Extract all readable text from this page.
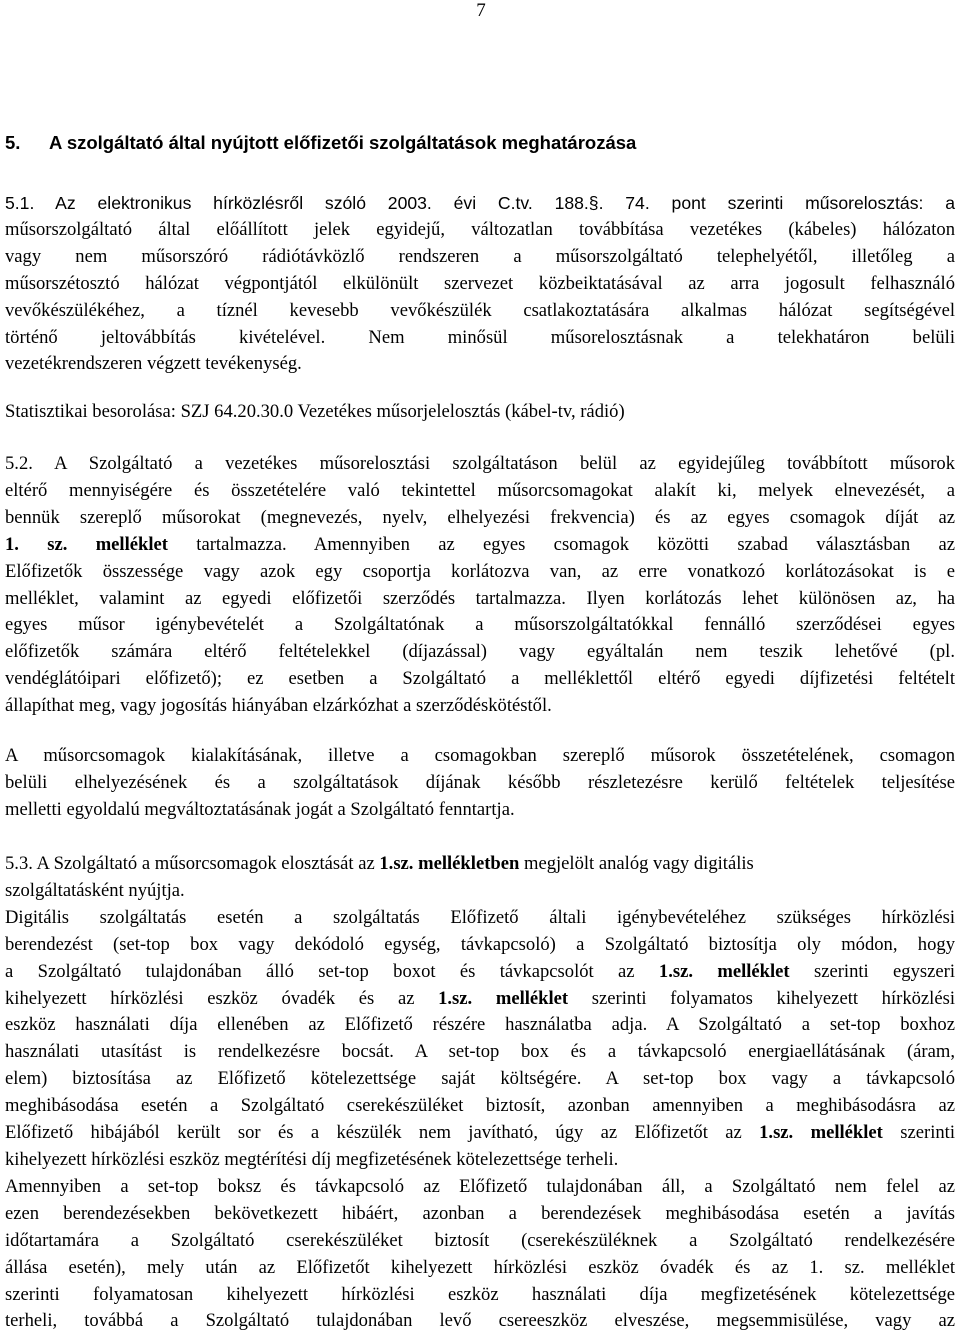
7
5. A szolgáltató által nyújtott előfizetői szolgáltatások meghatározása
5.1. Az elektronikus hírközlésről szóló 2003. évi C.tv. 188.§. 74. pont szerinti műsorelosztás: a
műsorszolgáltató által előállított jelek egyidejű, változatlan továbbítása vezetékes (kábeles) hálózaton
vagy nem műsorszóró rádiótávközlő rendszeren a műsorszolgáltató telephelyétől, illetőleg a
műsorszétosztó hálózat végpontjától elkülönült szervezet közbeiktatásával az arra jogosult felhasználó
vevőkészülékéhez, a tíznél kevesebb vevőkészülék csatlakoztatására alkalmas hálózat segítségével
történő jeltovábbítás kivételével. Nem minősül műsorelosztásnak a telekhatáron belüli
vezetékrendszeren végzett tevékenység.
Statisztikai besorolása: SZJ 64.20.30.0 Vezetékes műsorjelelosztás (kábel-tv, rádió)
5.2. A Szolgáltató a vezetékes műsorelosztási szolgáltatáson belül az egyidejűleg továbbított műsorok
eltérő mennyiségére és összetételére való tekintettel műsorcsomagokat alakít ki, melyek elnevezését, a
bennük szereplő műsorokat (megnevezés, nyelv, elhelyezési frekvencia) és az egyes csomagok díját az
1. sz. melléklet tartalmazza. Amennyiben az egyes csomagok közötti szabad választásban az
Előfizetők összessége vagy azok egy csoportja korlátozva van, az erre vonatkozó korlátozásokat is e
melléklet, valamint az egyedi előfizetői szerződés tartalmazza. Ilyen korlátozás lehet különösen az, ha
egyes műsor igénybevételét a Szolgáltatónak a műsorszolgáltatókkal fennálló szerződései egyes
előfizetők számára eltérő feltételekkel (díjazással) vagy egyáltalán nem teszik lehetővé (pl.
vendéglátóipari előfizető); ez esetben a Szolgáltató a melléklettől eltérő egyedi díjfizetési feltételt
állapíthat meg, vagy jogosítás hiányában elzárkózhat a szerződéskötéstől.
A műsorcsomagok kialakításának, illetve a csomagokban szereplő műsorok összetételének, csomagon
belüli elhelyezésének és a szolgáltatások díjának később részletezésre kerülő feltételek teljesítése
melletti egyoldalú megváltoztatásának jogát a Szolgáltató fenntartja.
5.3. A Szolgáltató a műsorcsomagok elosztását az 1.sz. mellékletben megjelölt analóg vagy digitális
szolgáltatásként nyújtja.
Digitális szolgáltatás esetén a szolgáltatás Előfizető általi igénybevételéhez szükséges hírközlési
berendezést (set-top box vagy dekódoló egység, távkapcsoló) a Szolgáltató biztosítja oly módon, hogy
a Szolgáltató tulajdonában álló set-top boxot és távkapcsolót az 1.sz. melléklet szerinti egyszeri
kihelyezett hírközlési eszköz óvadék és az 1.sz. melléklet szerinti folyamatos kihelyezett hírközlési
eszköz használati díja ellenében az Előfizető részére használatba adja. A Szolgáltató a set-top boxhoz
használati utasítást is rendelkezésre bocsát. A set-top box és a távkapcsoló energiaellátásának (áram,
elem) biztosítása az Előfizető kötelezettsége saját költségére. A set-top box vagy a távkapcsoló
meghibásodása esetén a Szolgáltató cserekészüléket biztosít, azonban amennyiben a meghibásodásra az
Előfizető hibájából került sor és a készülék nem javítható, úgy az Előfizetőt az 1.sz. melléklet szerinti
kihelyezett hírközlési eszköz megtérítési díj megfizetésének kötelezettsége terheli.
Amennyiben a set-top boksz és távkapcsoló az Előfizető tulajdonában áll, a Szolgáltató nem felel az
ezen berendezésekben bekövetkezett hibáért, azonban a berendezések meghibásodása esetén a javítás
időtartamára a Szolgáltató cserekészüléket biztosít (cserekészüléknek a Szolgáltató rendelkezésére
állása esetén), mely után az Előfizetőt kihelyezett hírközlési eszköz óvadék és az 1. sz. melléklet
szerinti folyamatosan kihelyezett hírközlési eszköz használati díja megfizetésének kötelezettsége
terheli, továbbá a Szolgáltató tulajdonában levő csereeszköz elveszése, megsemmisülése, vagy az
